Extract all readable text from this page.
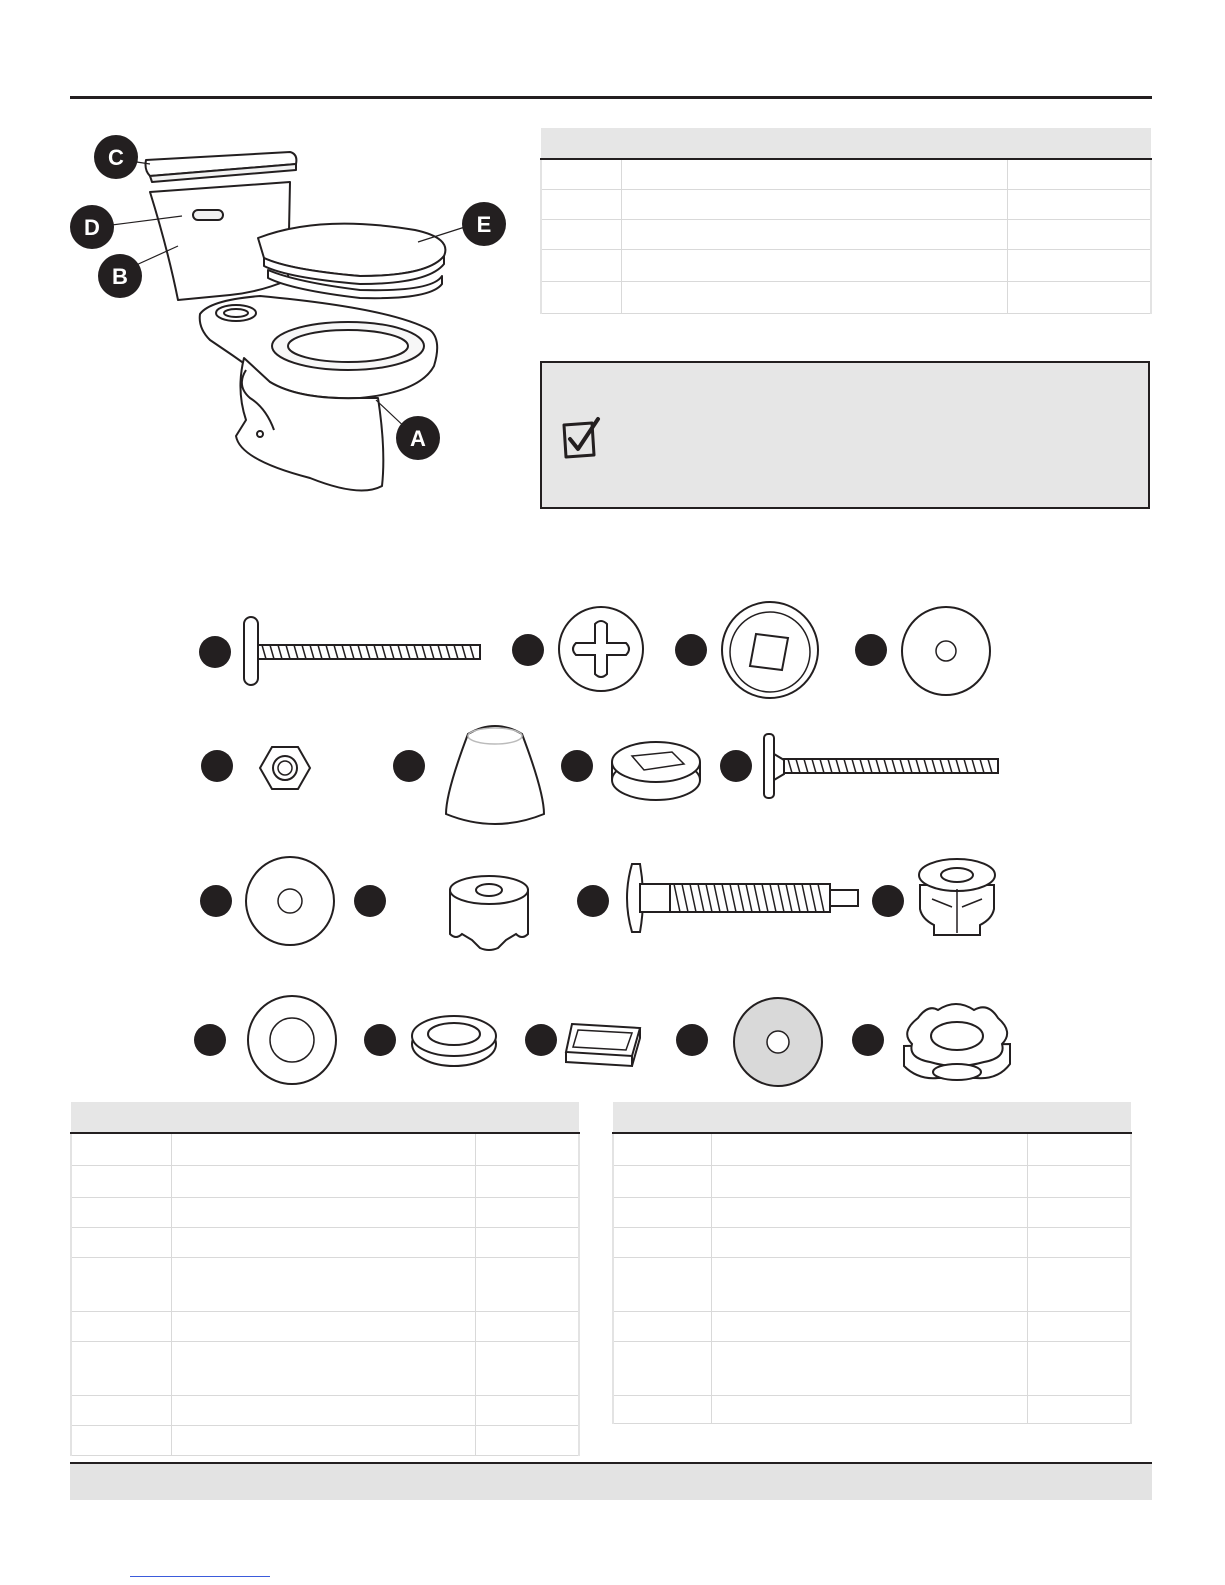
C
D
B
E
A
